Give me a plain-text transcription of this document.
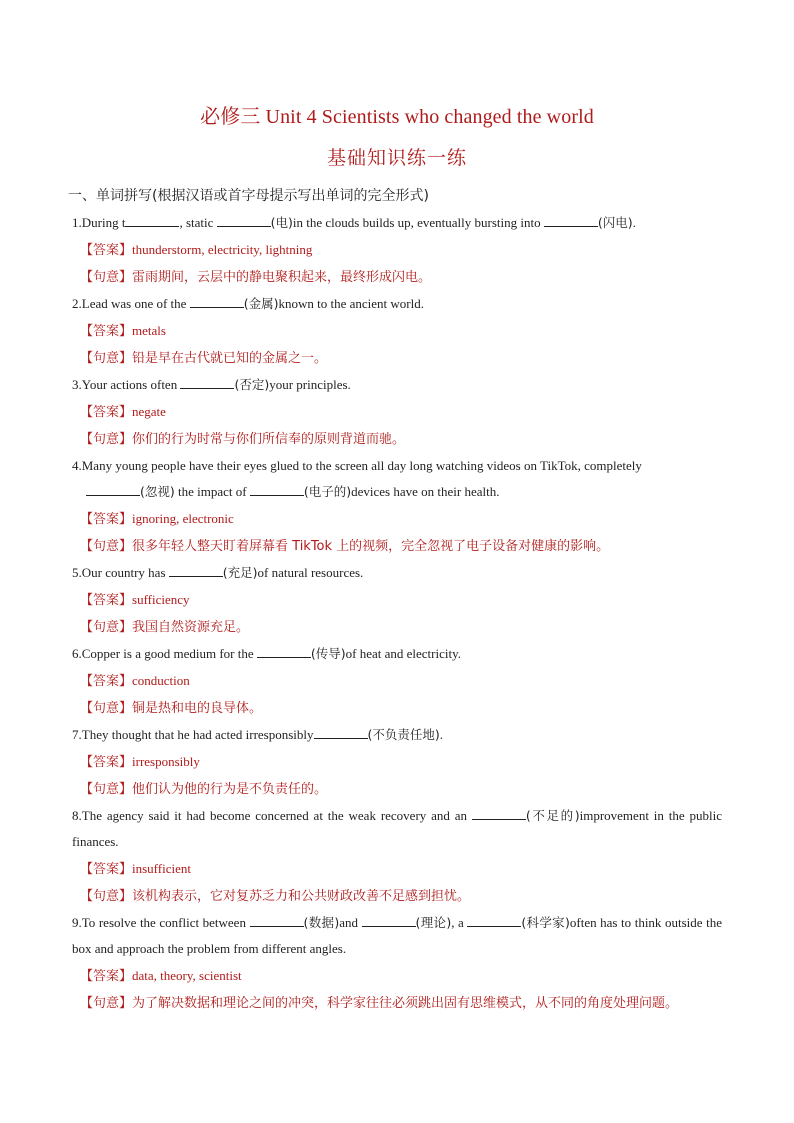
必修三 Unit 4 Scientists who changed the world
基础知识练一练
一、单词拼写(根据汉语或首字母提示写出单词的完全形式)
1.During t	, static	(电)in the clouds builds up, eventually bursting into	(闪电).
【答案】thunderstorm, electricity, lightning
【句意】雷雨期间，云层中的静电聚积起来，最终形成闪电。
2.Lead was one of the	(金属)known to the ancient world.
【答案】metals
【句意】铅是早在古代就已知的金属之一。
3.Your actions often	(否定)your principles.
【答案】negate
【句意】你们的行为时常与你们所信奉的原则背道而驰。
4.Many young people have their eyes glued to the screen all day long watching videos on TikTok, completely
(忽视) the impact of	(电子的)devices have on their health.
【答案】ignoring, electronic
【句意】很多年轻人整天盯着屏幕看 TikTok 上的视频，完全忽视了电子设备对健康的影响。
5.Our country has	(充足)of natural resources.
【答案】sufficiency
【句意】我国自然资源充足。
6.Copper is a good medium for the	(传导)of heat and electricity.
【答案】conduction
【句意】铜是热和电的良导体。
7.They thought that he had acted irresponsibly	(不负责任地).
【答案】irresponsibly
【句意】他们认为他的行为是不负责任的。
8.The agency said it had become concerned at the weak recovery and an	(不足的)improvement in the public finances.
【答案】insufficient
【句意】该机构表示，它对复苏乏力和公共财政改善不足感到担忧。
9.To resolve the conflict between	(数据)and	(理论), a	(科学家)often has to think outside the box and approach the problem from different angles.
【答案】data, theory, scientist
【句意】为了解决数据和理论之间的冲突，科学家往往必须跳出固有思维模式，从不同的角度处理问题。
